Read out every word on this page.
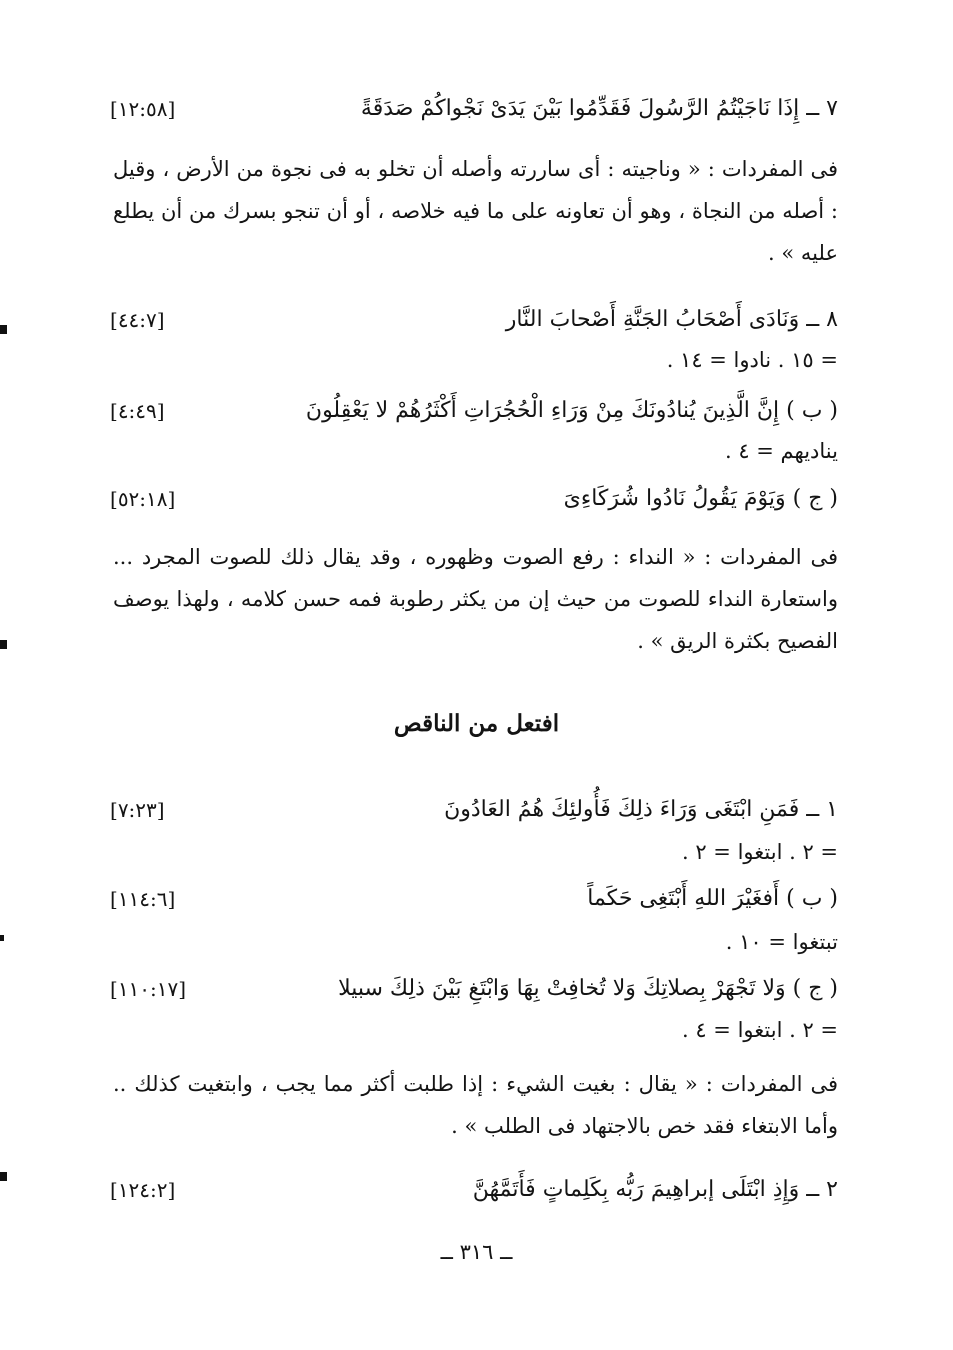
٧ ــ إِذَا نَاجَيْتُمُ الرَّسُولَ فَقَدِّمُوا بَيْنَ يَدَىْ نَجْواكُمْ صَدَقَةً
[١٢:٥٨]
فى المفردات : « وناجيته : أى ساررته وأصله أن تخلو به فى نجوة من الأرض ، وقيل : أصله من النجاة ، وهو أن تعاونه على ما فيه خلاصه ، أو أن تنجو بسرك من أن يطلع عليه » .
٨ ــ وَنَادَى أَصْحَابُ الجَنَّةِ أَصْحابَ النَّار
[٤٤:٧]
= ١٥ . نادوا = ١٤ .
( ب ) إِنَّ الَّذِينَ يُنادُونَكَ مِنْ وَرَاءِ الْحُجُرَاتِ أَكْثَرُهُمْ لا يَعْقِلُونَ
[٤:٤٩]
يناديهم = ٤ .
( ج ) وَيَوْمَ يَقُولُ نَادُوا شُرَكَاءِىَ
[٥٢:١٨]
فى المفردات : « النداء : رفع الصوت وظهوره ، وقد يقال ذلك للصوت المجرد ... واستعارة النداء للصوت من حيث إن من يكثر رطوبة فمه حسن كلامه ، ولهذا يوصف الفصيح بكثرة الريق » .
افتعل من الناقص
١ ــ فَمَنِ ابْتَغَى وَرَاءَ ذلِكَ فَأُولئِكَ هُمُ العَادُونَ
[٧:٢٣]
= ٢ . ابتغوا = ٢ .
( ب ) أَفغَيْرَ اللهِ أَبْتَغِى حَكَماً
[١١٤:٦]
تبتغوا = ١٠ .
( ج ) وَلا تَجْهَرْ بِصلاتِكَ وَلا تُخافِتْ بِهَا وَابْتَغِ بَيْنَ ذلِكَ سبيلا
[١١٠:١٧]
= ٢ . ابتغوا = ٤ .
فى المفردات : « يقال : بغيت الشيء : إذا طلبت أكثر مما يجب ، وابتغيت كذلك .. وأما الابتغاء فقد خص بالاجتهاد فى الطلب » .
٢ ــ وَإِذِ ابْتَلَى إبراهِيمَ رَبُّه بِكَلِماتٍ فَأَتَمَّهُنَّ
[١٢٤:٢]
ــ ٣١٦ ــ
